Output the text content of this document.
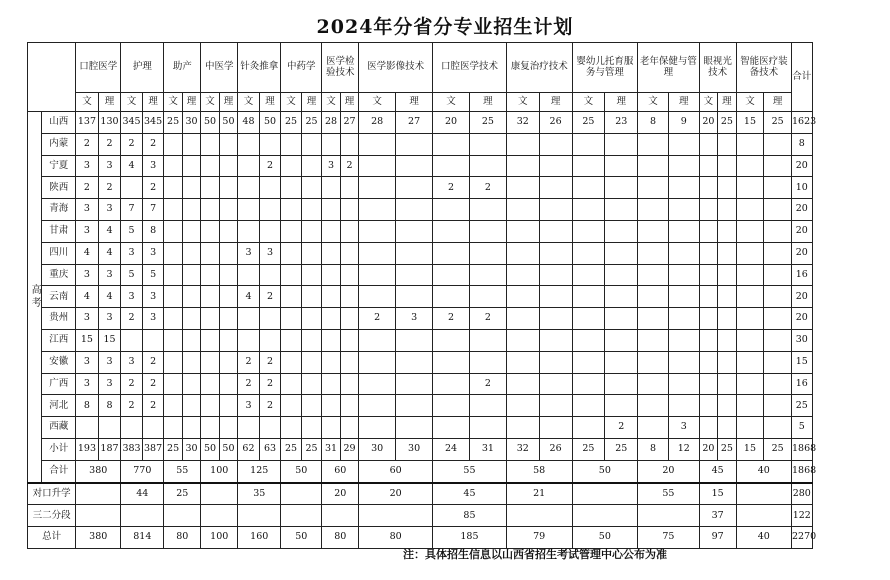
2024年分省分专业招生计划
		口腔医学		护理		助产		中医学		针灸推拿		中药学		医学检验技术		医学影像技术		口腔医学技术		康复治疗技术		婴幼儿托育服务与管理		老年保健与管理		眼视光技术		智能医疗装备技术		合计
		文	理	文	理	文	理	文	理	文	理	文	理	文	理	文	理	文	理	文	理	文	理	文	理	文	理	文	理	
高考	山西	137	130	345	345	25	30	50	50	48	50	25	25	28	27	28	27	20	25	32	26	25	23	8	9	20	25	15	25	1623
	内蒙	2	2	2	2																									8
	宁夏	3	3	4	3						2			3	2															20
	陕西	2	2		2													2	2											10
	青海	3	3	7	7																									20
	甘肃	3	4	5	8																									20
	四川	4	4	3	3					3	3																			20
	重庆	3	3	5	5																									16
	云南	4	4	3	3					4	2																			20
	贵州	3	3	2	3											2	3	2	2											20
	江西	15	15																											30
	安徽	3	3	3	2					2	2																			15
	广西	3	3	2	2					2	2								2											16
	河北	8	8	2	2					3	2																			25
	西藏																						2		3					5
	小计	193	187	383	387	25	30	50	50	62	63	25	25	31	29	30	30	24	31	32	26	25	25	8	12	20	25	15	25	1868
	合计	380		770		55		100		125		50		60		60		55		58		50		20		45		40		1868
对口升学				44		25				35				20		20		45		21				55		15				280
三二分段																		85								37				122
总计		380		814		80		100		160		50		80		80		185		79		50		75		97		40		2270
注：具体招生信息以山西省招生考试管理中心公布为准
